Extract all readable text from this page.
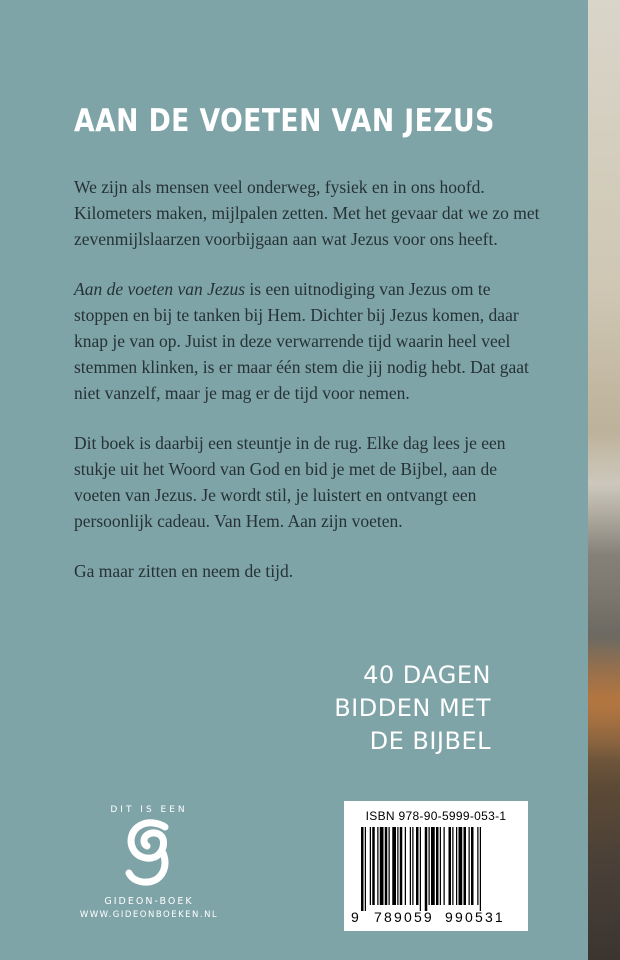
AAN DE VOETEN VAN JEZUS

We zijn als mensen veel onderweg, fysiek en in ons hoofd. Kilometers maken, mijlpalen zetten. Met het gevaar dat we zo met zevenmijlslaarzen voorbijgaan aan wat Jezus voor ons heeft.

Aan de voeten van Jezus is een uitnodiging van Jezus om te stoppen en bij te tanken bij Hem. Dichter bij Jezus komen, daar knap je van op. Juist in deze verwarrende tijd waarin heel veel stemmen klinken, is er maar één stem die jij nodig hebt. Dat gaat niet vanzelf, maar je mag er de tijd voor nemen.

Dit boek is daarbij een steuntje in de rug. Elke dag lees je een stukje uit het Woord van God en bid je met de Bijbel, aan de voeten van Jezus. Je wordt stil, je luistert en ontvangt een persoonlijk cadeau. Van Hem. Aan zijn voeten.

Ga maar zitten en neem de tijd.

40 DAGEN
BIDDEN MET
DE BIJBEL
DIT IS EEN
GIDEON-BOEK
WWW.GIDEONBOEKEN.NL
ISBN 978-90-5999-053-1
9 789059 990531
